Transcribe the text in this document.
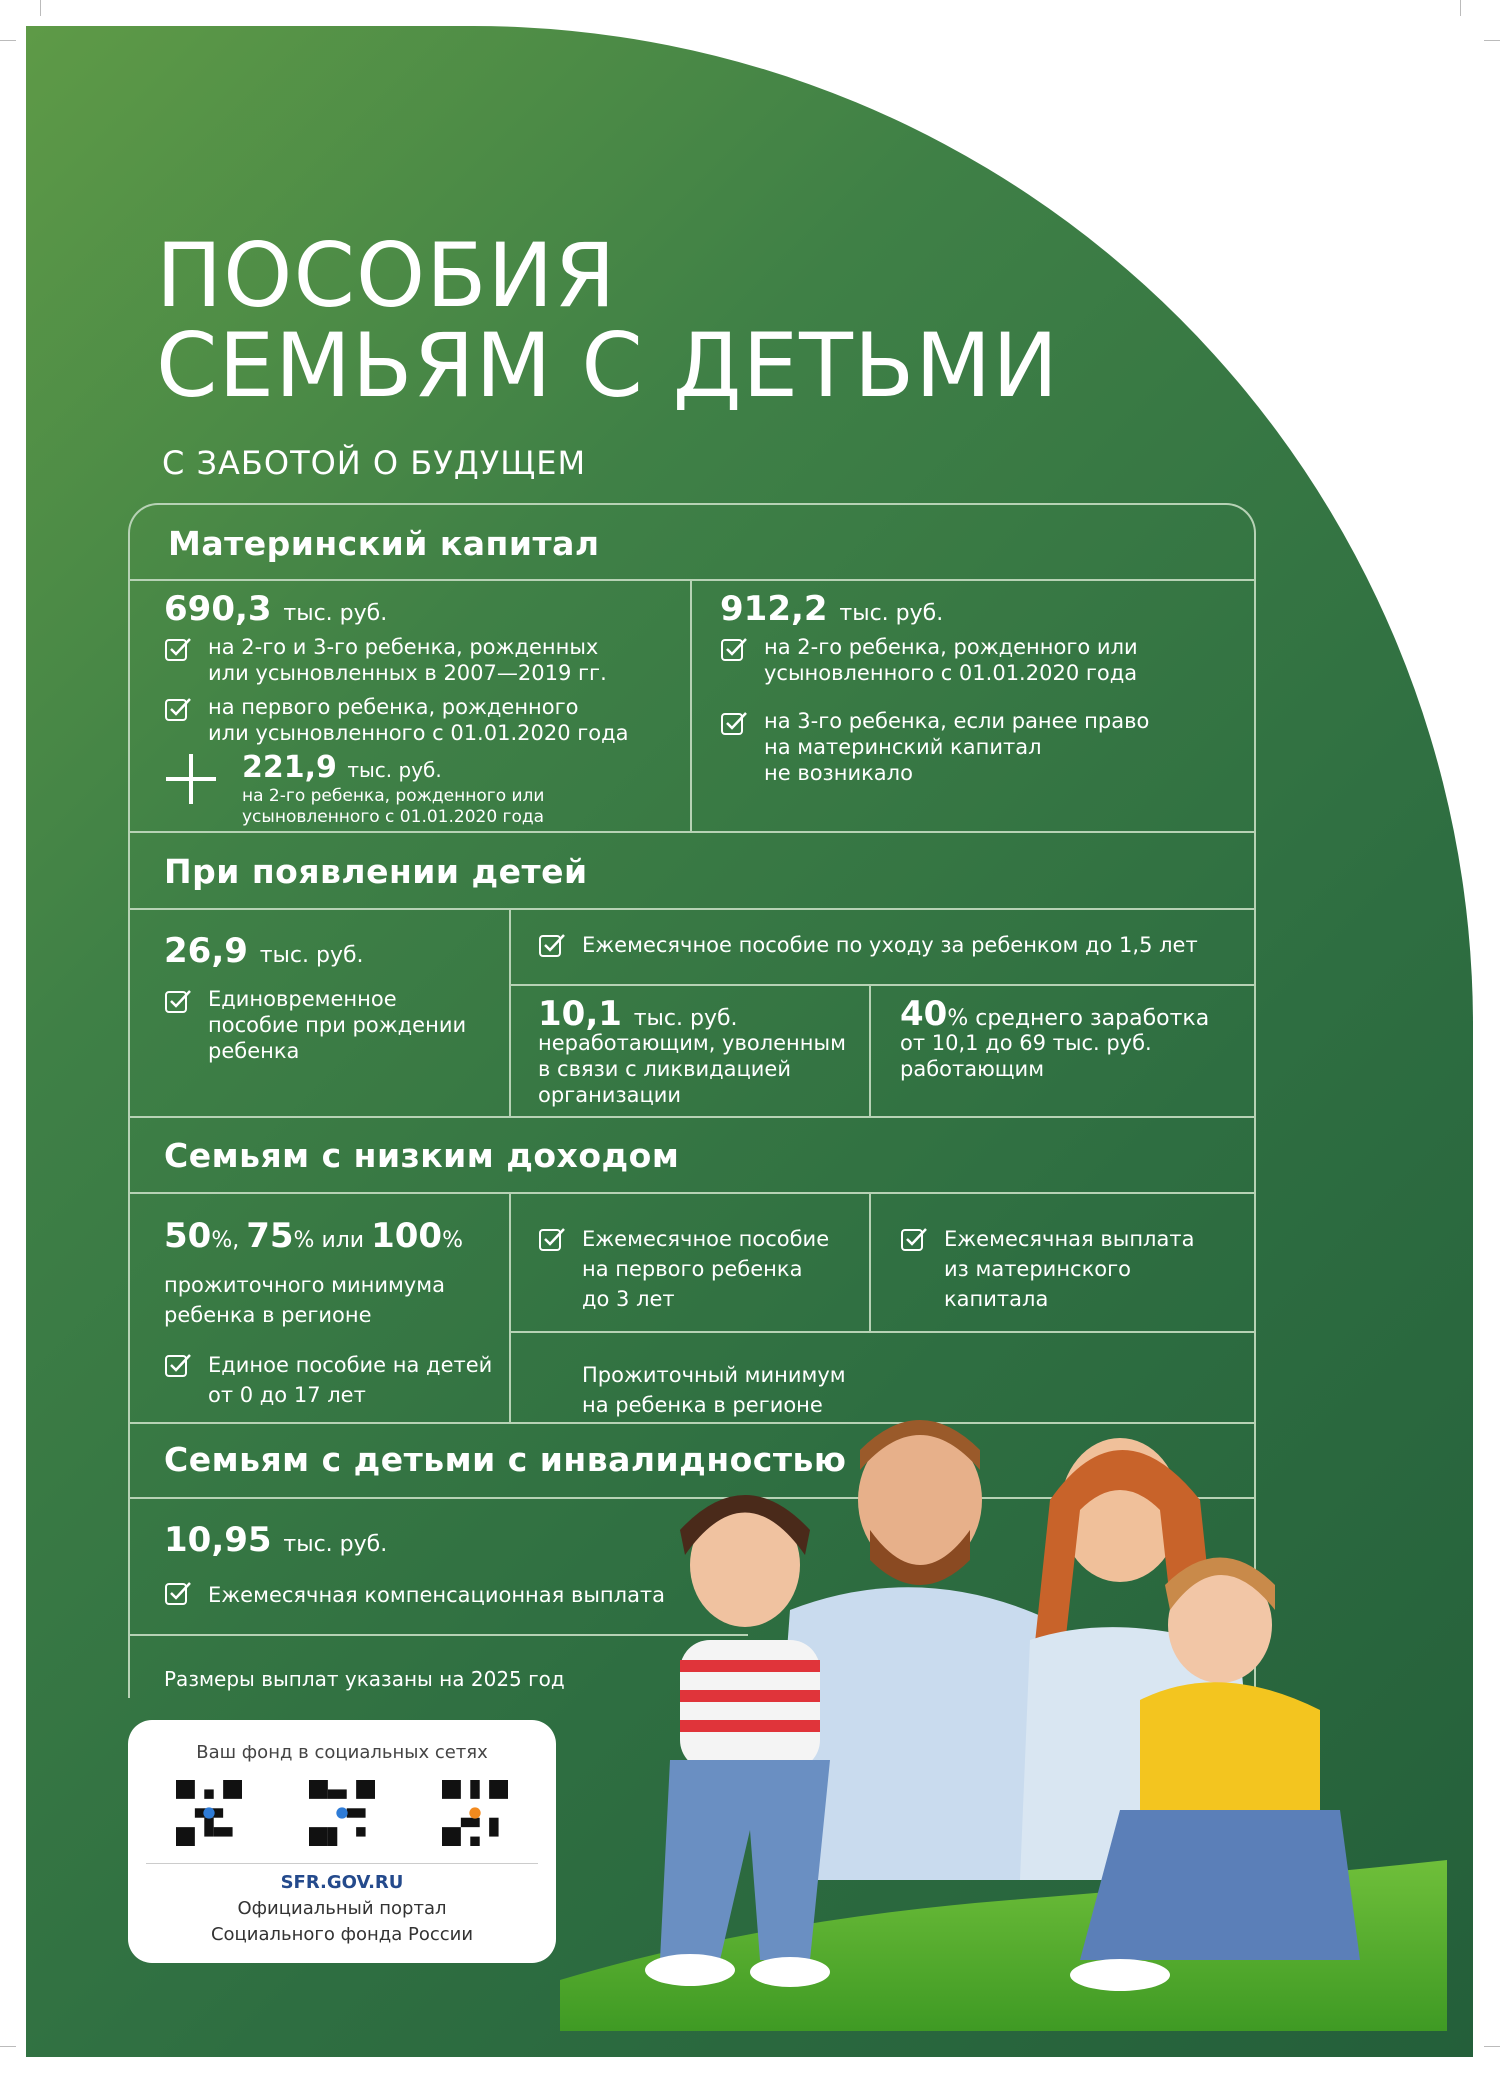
СОЦИАЛЬНЫЙ
ФОНД РОССИИ
ПОСОБИЯ
СЕМЬЯМ С ДЕТЬМИ
С ЗАБОТОЙ О БУДУЩЕМ
Материнский капитал
690,3 тыс. руб.
на 2-го и 3-го ребенка, рожденных
или усыновленных в 2007—2019 гг.
на первого ребенка, рожденного
или усыновленного с 01.01.2020 года
221,9 тыс. руб.
на 2-го ребенка, рожденного или
усыновленного с 01.01.2020 года
912,2 тыс. руб.
на 2-го ребенка, рожденного или
усыновленного с 01.01.2020 года
на 3-го ребенка, если ранее право
на материнский капитал
не возникало
При появлении детей
26,9 тыс. руб.
Единовременное
пособие при рождении
ребенка
Ежемесячное пособие по уходу за ребенком до 1,5 лет
10,1 тыс. руб.
неработающим, уволенным
в связи с ликвидацией
организации
40% среднего заработка
от 10,1 до 69 тыс. руб.
работающим
Семьям с низким доходом
50%, 75% или 100%
прожиточного минимума
ребенка в регионе
Единое пособие на детей
от 0 до 17 лет
Ежемесячное пособие
на первого ребенка
до 3 лет
Ежемесячная выплата
из материнского
капитала
Прожиточный минимум
на ребенка в регионе
Семьям с детьми с инвалидностью
10,95 тыс. руб.
Ежемесячная компенсационная выплата
Размеры выплат указаны на 2025 год
Ваш фонд в социальных сетях
SFR.GOV.RU
Официальный портал
Социального фонда России
